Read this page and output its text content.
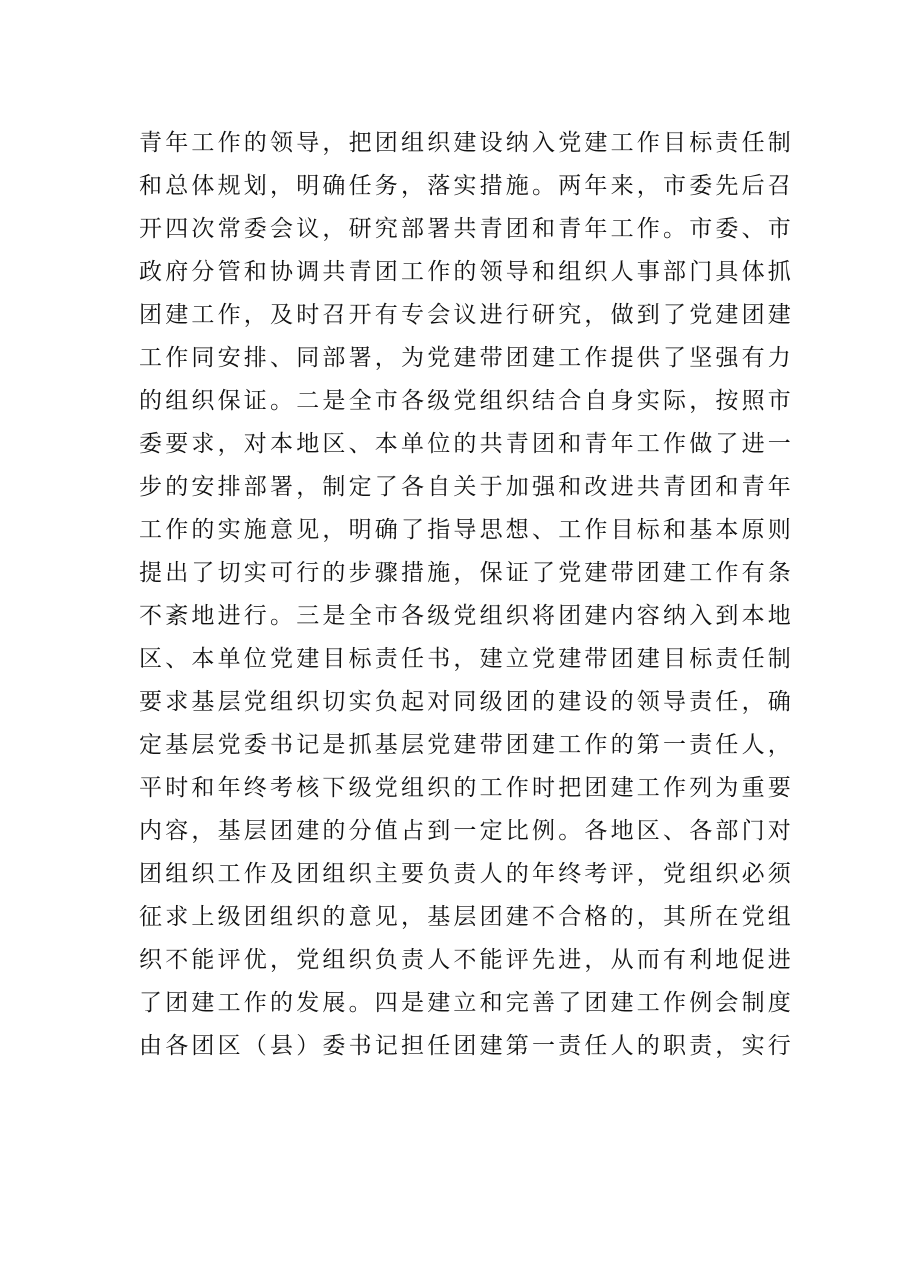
青年工作的领导，把团组织建设纳入党建工作目标责任制
和总体规划，明确任务，落实措施。两年来，市委先后召
开四次常委会议，研究部署共青团和青年工作。市委、市
政府分管和协调共青团工作的领导和组织人事部门具体抓
团建工作，及时召开有专会议进行研究，做到了党建团建
工作同安排、同部署，为党建带团建工作提供了坚强有力
的组织保证。二是全市各级党组织结合自身实际，按照市
委要求，对本地区、本单位的共青团和青年工作做了进一
步的安排部署，制定了各自关于加强和改进共青团和青年
工作的实施意见，明确了指导思想、工作目标和基本原则
提出了切实可行的步骤措施，保证了党建带团建工作有条
不紊地进行。三是全市各级党组织将团建内容纳入到本地
区、本单位党建目标责任书，建立党建带团建目标责任制
要求基层党组织切实负起对同级团的建设的领导责任，确
定基层党委书记是抓基层党建带团建工作的第一责任人，
平时和年终考核下级党组织的工作时把团建工作列为重要
内容，基层团建的分值占到一定比例。各地区、各部门对
团组织工作及团组织主要负责人的年终考评，党组织必须
征求上级团组织的意见，基层团建不合格的，其所在党组
织不能评优，党组织负责人不能评先进，从而有利地促进
了团建工作的发展。四是建立和完善了团建工作例会制度
由各团区（县）委书记担任团建第一责任人的职责，实行
